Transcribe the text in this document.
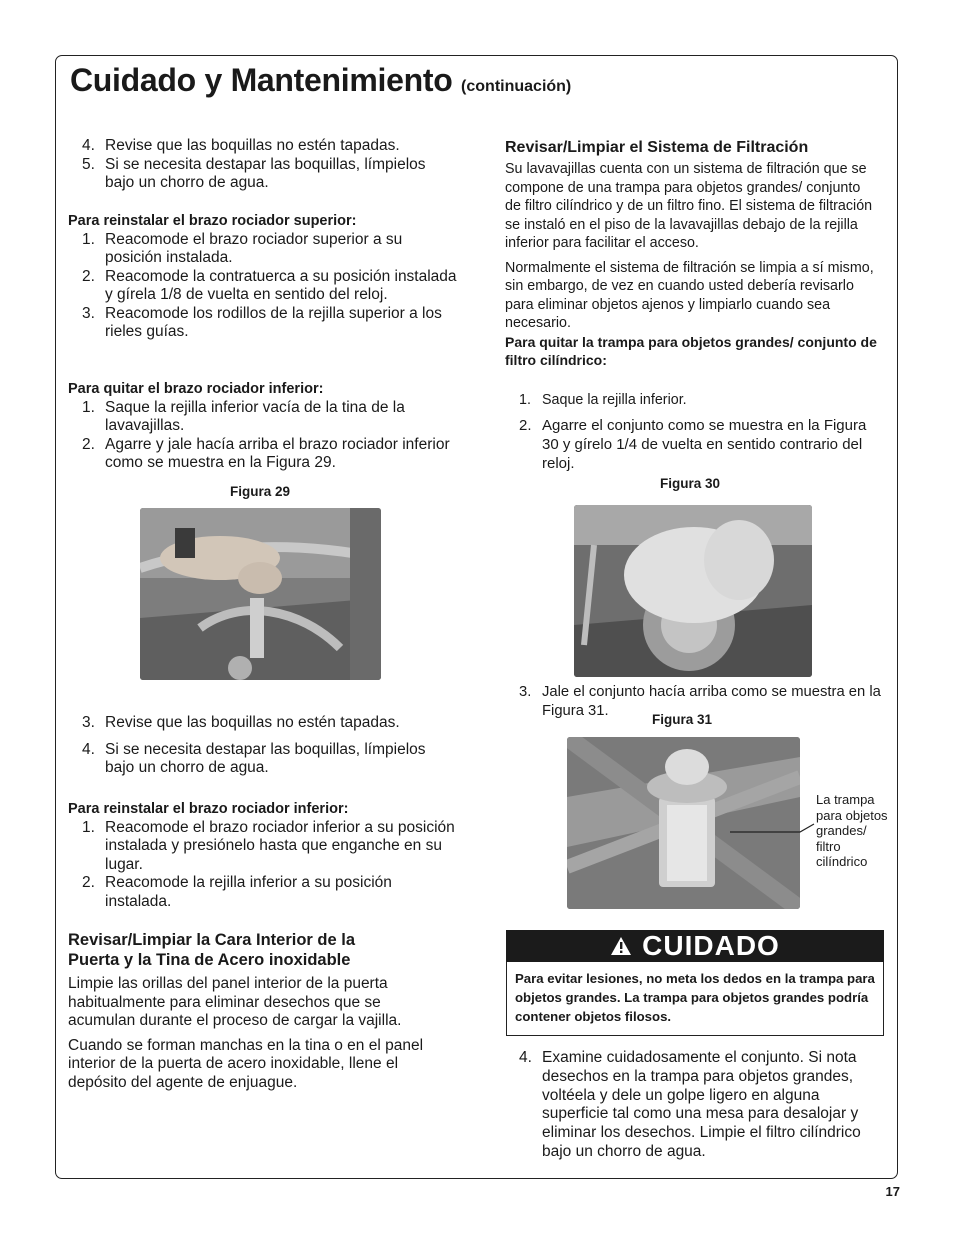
Cuidado y Mantenimiento (continuación)
4. Revise que las boquillas no estén tapadas.
5. Si se necesita destapar las boquillas, límpielos bajo un chorro de agua.

Para reinstalar el brazo rociador superior:

1. Reacomode el brazo rociador superior a su posición instalada.
2. Reacomode la contratuerca a su posición instalada y gírela 1/8 de vuelta en sentido del reloj.
3. Reacomode los rodillos de la rejilla superior a los rieles guías.

Para quitar el brazo rociador inferior:

1. Saque la rejilla inferior vacía de la tina de la lavavajillas.
2. Agarre y jale hacía arriba el brazo rociador inferior como se muestra en la Figura 29.
Figura 29
3. Revise que las boquillas no estén tapadas.
4. Si se necesita destapar las boquillas, límpielos bajo un chorro de agua.

Para reinstalar el brazo rociador inferior:

1. Reacomode el brazo rociador inferior a su posición instalada y presiónelo hasta que enganche en su lugar.
2. Reacomode la rejilla inferior a su posición instalada.

Revisar/Limpiar la Cara Interior de la Puerta y la Tina de Acero inoxidable

Limpie las orillas del panel interior de la puerta habitualmente para eliminar desechos que se acumulan durante el proceso de cargar la vajilla.

Cuando se forman manchas en la tina o en el panel interior de la puerta de acero inoxidable, llene el depósito del agente de enjuague.

Revisar/Limpiar el Sistema de Filtración

Su lavavajillas cuenta con un sistema de filtración que se compone de una trampa para objetos grandes/ conjunto de filtro cilíndrico y de un filtro fino. El sistema de filtración se instaló en el piso de la lavavajillas debajo de la rejilla inferior para facilitar el acceso.

Normalmente el sistema de filtración se limpia a sí mismo, sin embargo, de vez en cuando usted debería revisarlo para eliminar objetos ajenos y limpiarlo cuando sea necesario.

Para quitar la trampa para objetos grandes/ conjunto de filtro cilíndrico:

1. Saque la rejilla inferior.
2. Agarre el conjunto como se muestra en la Figura 30 y gírelo 1/4 de vuelta en sentido contrario del reloj.
Figura 30
3. Jale el conjunto hacía arriba como se muestra en la Figura 31.
Figura 31
La trampa para objetos grandes/ filtro cilíndrico
CUIDADO
Para evitar lesiones, no meta los dedos en la trampa para objetos grandes. La trampa para objetos grandes podría contener objetos filosos.
4. Examine cuidadosamente el conjunto. Si nota desechos en la trampa para objetos grandes, voltéela y dele un golpe ligero en alguna superficie tal como una mesa para desalojar y eliminar los desechos. Limpie el filtro cilíndrico bajo un chorro de agua.
17
